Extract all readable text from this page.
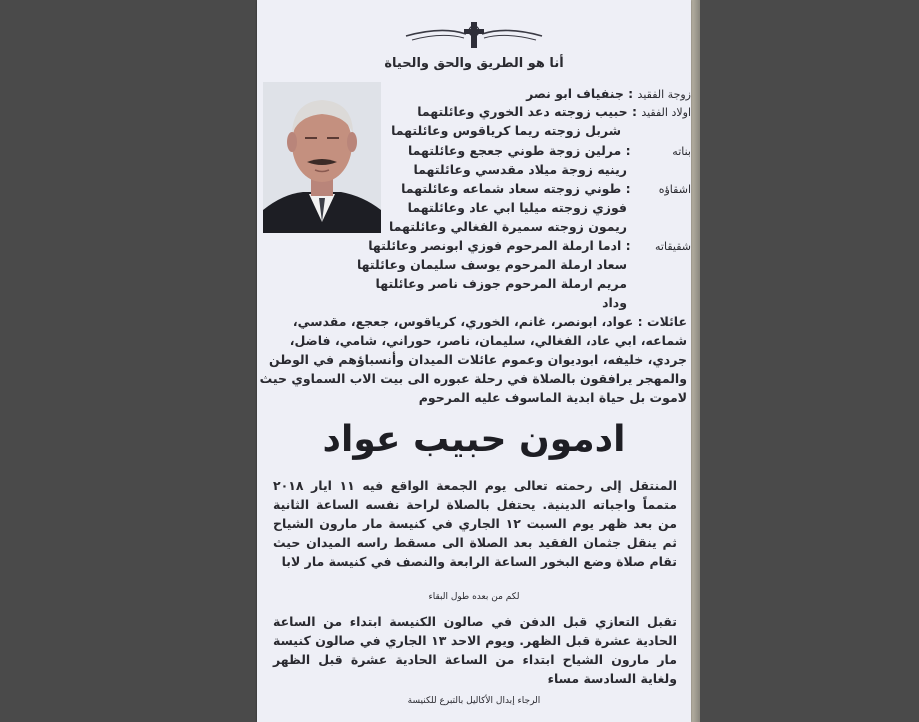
أنا هو الطريق والحق والحياة
زوجة الفقيد : جنفياف ابو نصر
اولاد الفقيد : حبيب زوجته دعد الخوري وعائلتهما
شربل زوجته ريما كرياقوس وعائلتهما
بناته : مرلين زوجة طوني جعجع وعائلتهما
رينيه زوجة ميلاد مقدسي وعائلتهما
اشقاؤه : طوني زوجته سعاد شماعه وعائلتهما
فوزي زوجته ميليا ابي عاد وعائلتهما
ريمون زوجته سميرة الفغالي وعائلتهما
شقيقاته : ادما ارملة المرحوم فوزي ابونصر وعائلتها
سعاد ارملة المرحوم يوسف سليمان وعائلتها
مريم ارملة المرحوم جوزف ناصر وعائلتها
وداد
عائلات : عواد، ابونصر، غانم، الخوري، كرياقوس، جعجع، مقدسي،
شماعه، ابي عاد، الفغالي، سليمان، ناصر، حوراني، شامي، فاضل،
جردي، خليفه، ابوديوان وعموم عائلات الميدان وأنسباؤهم في الوطن
والمهجر يرافقون بالصلاة في رحلة عبوره الى بيت الاب السماوي حيث
لاموت بل حياة ابدية الماسوف عليه المرحوم
ادمون حبيب عواد
المنتقل إلى رحمته تعالى يوم الجمعة الواقع فيه ١١ ايار ٢٠١٨ متمماً واجباته الدينية. يحتفل بالصلاة لراحة نفسه الساعة الثانية من بعد ظهر يوم السبت ١٢ الجاري في كنيسة مار مارون الشياح ثم ينقل جثمان الفقيد بعد الصلاة الى مسقط راسه الميدان حيث تقام صلاة وضع البخور الساعة الرابعة والنصف في كنيسة مار لابا
لكم من بعده طول البقاء
تقبل التعازي قبل الدفن في صالون الكنيسة ابتداء من الساعة الحادية عشرة قبل الظهر. ويوم الاحد ١٣ الجاري في صالون كنيسة مار مارون الشياح ابتداء من الساعة الحادية عشرة قبل الظهر ولغاية السادسة مساء
الرجاء إبدال الأكاليل بالتبرع للكنيسة
